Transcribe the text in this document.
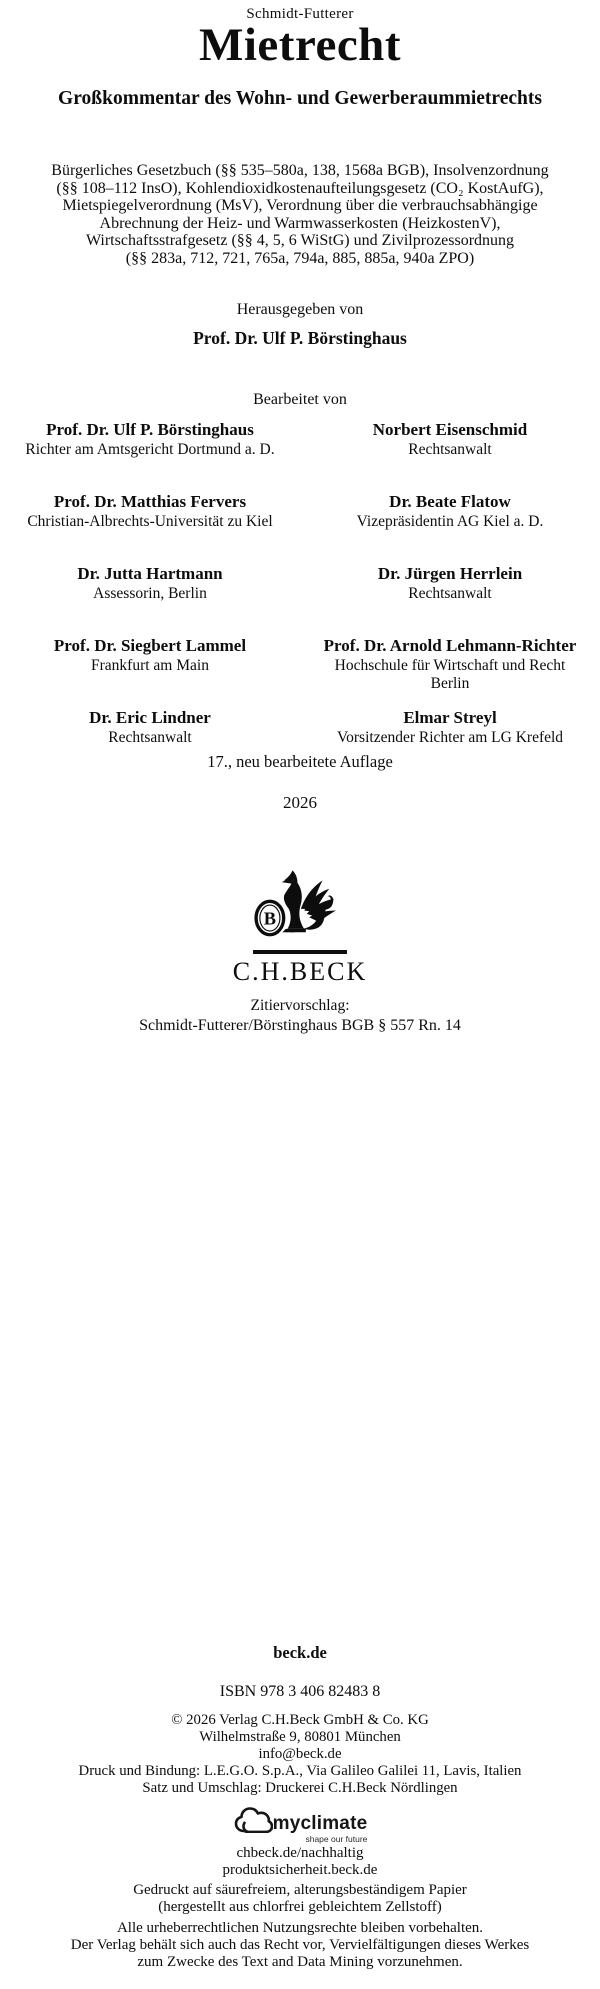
Schmidt-Futterer
Mietrecht
Großkommentar des Wohn- und Gewerberaummietrechts
Bürgerliches Gesetzbuch (§§ 535–580a, 138, 1568a BGB), Insolvenzordnung
(§§ 108–112 InsO), Kohlendioxidkostenaufteilungsgesetz (CO₂ KostAufG),
Mietspiegelverordnung (MsV), Verordnung über die verbrauchsabhängige
Abrechnung der Heiz- und Warmwasserkosten (HeizkostenV),
Wirtschaftsstrafgesetz (§§ 4, 5, 6 WiStG) und Zivilprozessordnung
(§§ 283a, 712, 721, 765a, 794a, 885, 885a, 940a ZPO)
Herausgegeben von
Prof. Dr. Ulf P. Börstinghaus
Bearbeitet von
Prof. Dr. Ulf P. Börstinghaus
Richter am Amtsgericht Dortmund a. D.
Norbert Eisenschmid
Rechtsanwalt
Prof. Dr. Matthias Fervers
Christian-Albrechts-Universität zu Kiel
Dr. Beate Flatow
Vizepräsidentin AG Kiel a. D.
Dr. Jutta Hartmann
Assessorin, Berlin
Dr. Jürgen Herrlein
Rechtsanwalt
Prof. Dr. Siegbert Lammel
Frankfurt am Main
Prof. Dr. Arnold Lehmann-Richter
Hochschule für Wirtschaft und Recht Berlin
Dr. Eric Lindner
Rechtsanwalt
Elmar Streyl
Vorsitzender Richter am LG Krefeld
17., neu bearbeitete Auflage
2026
B
C.H.BECK
Zitiervorschlag:
Schmidt-Futterer/Börstinghaus BGB § 557 Rn. 14
beck.de
ISBN 978 3 406 82483 8
© 2026 Verlag C.H.Beck GmbH & Co. KG
Wilhelmstraße 9, 80801 München
info@beck.de
Druck und Bindung: L.E.G.O. S.p.A., Via Galileo Galilei 11, Lavis, Italien
Satz und Umschlag: Druckerei C.H.Beck Nördlingen
myclimate
shape our future
chbeck.de/nachhaltig
produktsicherheit.beck.de
Gedruckt auf säurefreiem, alterungsbeständigem Papier
(hergestellt aus chlorfrei gebleichtem Zellstoff)
Alle urheberrechtlichen Nutzungsrechte bleiben vorbehalten.
Der Verlag behält sich auch das Recht vor, Vervielfältigungen dieses Werkes
zum Zwecke des Text and Data Mining vorzunehmen.
